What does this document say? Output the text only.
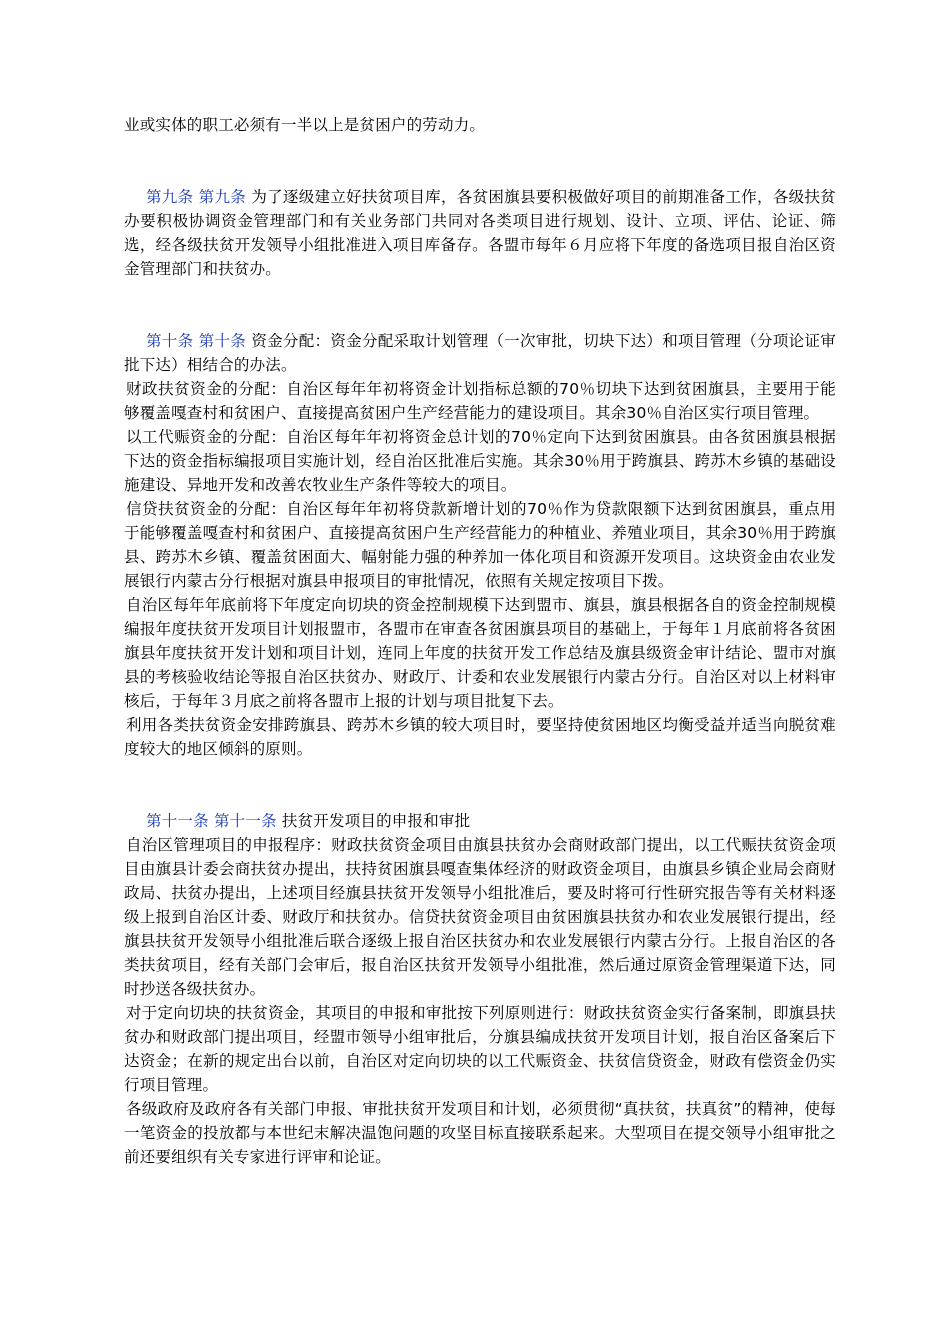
业或实体的职工必须有一半以上是贫困户的劳动力。

第九条 第九条 为了逐级建立好扶贫项目库，各贫困旗县要积极做好项目的前期准备工作，各级扶贫办要积极协调资金管理部门和有关业务部门共同对各类项目进行规划、设计、立项、评估、论证、筛选，经各级扶贫开发领导小组批准进入项目库备存。各盟市每年６月应将下年度的备选项目报自治区资金管理部门和扶贫办。

第十条 第十条 资金分配：资金分配采取计划管理（一次审批，切块下达）和项目管理（分项论证审批下达）相结合的办法。

财政扶贫资金的分配：自治区每年年初将资金计划指标总额的70％切块下达到贫困旗县，主要用于能够覆盖嘎查村和贫困户、直接提高贫困户生产经营能力的建设项目。其余30％自治区实行项目管理。

以工代赈资金的分配：自治区每年年初将资金总计划的70％定向下达到贫困旗县。由各贫困旗县根据下达的资金指标编报项目实施计划，经自治区批准后实施。其余30％用于跨旗县、跨苏木乡镇的基础设施建设、异地开发和改善农牧业生产条件等较大的项目。

信贷扶贫资金的分配：自治区每年年初将贷款新增计划的70％作为贷款限额下达到贫困旗县，重点用于能够覆盖嘎查村和贫困户、直接提高贫困户生产经营能力的种植业、养殖业项目，其余30％用于跨旗县、跨苏木乡镇、覆盖贫困面大、幅射能力强的种养加一体化项目和资源开发项目。这块资金由农业发展银行内蒙古分行根据对旗县申报项目的审批情况，依照有关规定按项目下拨。

自治区每年年底前将下年度定向切块的资金控制规模下达到盟市、旗县，旗县根据各自的资金控制规模编报年度扶贫开发项目计划报盟市，各盟市在审查各贫困旗县项目的基础上，于每年１月底前将各贫困旗县年度扶贫开发计划和项目计划，连同上年度的扶贫开发工作总结及旗县级资金审计结论、盟市对旗县的考核验收结论等报自治区扶贫办、财政厅、计委和农业发展银行内蒙古分行。自治区对以上材料审核后，于每年３月底之前将各盟市上报的计划与项目批复下去。

利用各类扶贫资金安排跨旗县、跨苏木乡镇的较大项目时，要坚持使贫困地区均衡受益并适当向脱贫难度较大的地区倾斜的原则。

第十一条 第十一条 扶贫开发项目的申报和审批

自治区管理项目的申报程序：财政扶贫资金项目由旗县扶贫办会商财政部门提出，以工代赈扶贫资金项目由旗县计委会商扶贫办提出，扶持贫困旗县嘎查集体经济的财政资金项目，由旗县乡镇企业局会商财政局、扶贫办提出，上述项目经旗县扶贫开发领导小组批准后，要及时将可行性研究报告等有关材料逐级上报到自治区计委、财政厅和扶贫办。信贷扶贫资金项目由贫困旗县扶贫办和农业发展银行提出，经旗县扶贫开发领导小组批准后联合逐级上报自治区扶贫办和农业发展银行内蒙古分行。上报自治区的各类扶贫项目，经有关部门会审后，报自治区扶贫开发领导小组批准，然后通过原资金管理渠道下达，同时抄送各级扶贫办。

对于定向切块的扶贫资金，其项目的申报和审批按下列原则进行：财政扶贫资金实行备案制，即旗县扶贫办和财政部门提出项目，经盟市领导小组审批后，分旗县编成扶贫开发项目计划，报自治区备案后下达资金；在新的规定出台以前，自治区对定向切块的以工代赈资金、扶贫信贷资金，财政有偿资金仍实行项目管理。

各级政府及政府各有关部门申报、审批扶贫开发项目和计划，必须贯彻“真扶贫，扶真贫”的精神，使每一笔资金的投放都与本世纪末解决温饱问题的攻坚目标直接联系起来。大型项目在提交领导小组审批之前还要组织有关专家进行评审和论证。
